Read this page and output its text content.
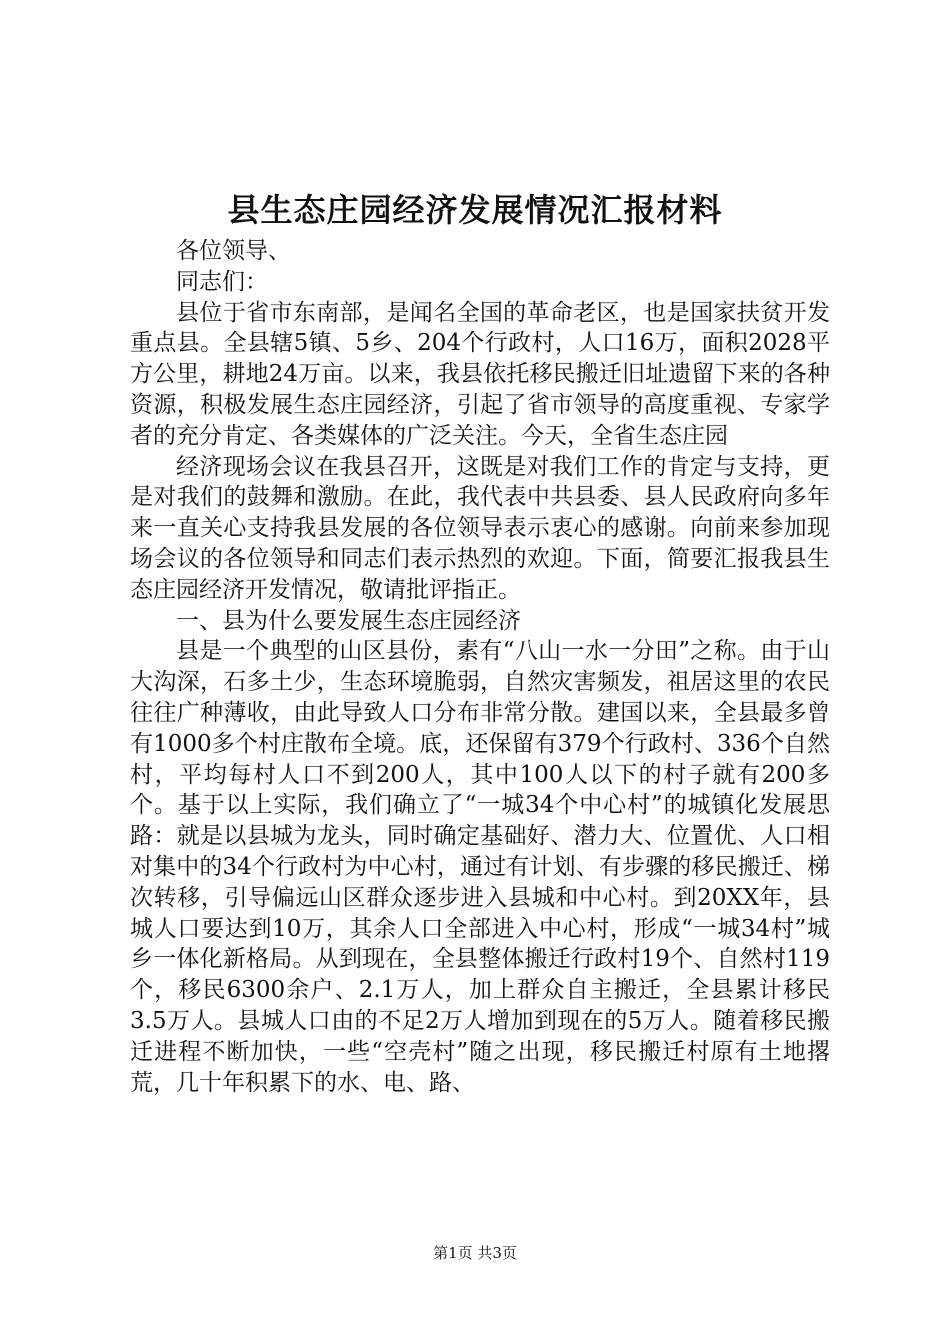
县生态庄园经济发展情况汇报材料

各位领导、

同志们：

县位于省市东南部，是闻名全国的革命老区，也是国家扶贫开发重点县。全县辖5镇、5乡、204个行政村，人口16万，面积2028平方公里，耕地24万亩。以来，我县依托移民搬迁旧址遗留下来的各种资源，积极发展生态庄园经济，引起了省市领导的高度重视、专家学者的充分肯定、各类媒体的广泛关注。今天，全省生态庄园

经济现场会议在我县召开，这既是对我们工作的肯定与支持，更是对我们的鼓舞和激励。在此，我代表中共县委、县人民政府向多年来一直关心支持我县发展的各位领导表示衷心的感谢。向前来参加现场会议的各位领导和同志们表示热烈的欢迎。下面，简要汇报我县生态庄园经济开发情况，敬请批评指正。

一、县为什么要发展生态庄园经济

县是一个典型的山区县份，素有“八山一水一分田”之称。由于山大沟深，石多土少，生态环境脆弱，自然灾害频发，祖居这里的农民往往广种薄收，由此导致人口分布非常分散。建国以来，全县最多曾有1000多个村庄散布全境。底，还保留有379个行政村、336个自然村，平均每村人口不到200人，其中100人以下的村子就有200多个。基于以上实际，我们确立了“一城34个中心村”的城镇化发展思路：就是以县城为龙头，同时确定基础好、潜力大、位置优、人口相对集中的34个行政村为中心村，通过有计划、有步骤的移民搬迁、梯次转移，引导偏远山区群众逐步进入县城和中心村。到20XX年，县城人口要达到10万，其余人口全部进入中心村，形成“一城34村”城乡一体化新格局。从到现在，全县整体搬迁行政村19个、自然村119个，移民6300余户、2.1万人，加上群众自主搬迁，全县累计移民3.5万人。县城人口由的不足2万人增加到现在的5万人。随着移民搬迁进程不断加快，一些“空壳村”随之出现，移民搬迁村原有土地撂荒，几十年积累下的水、电、路、

第1页 共3页
